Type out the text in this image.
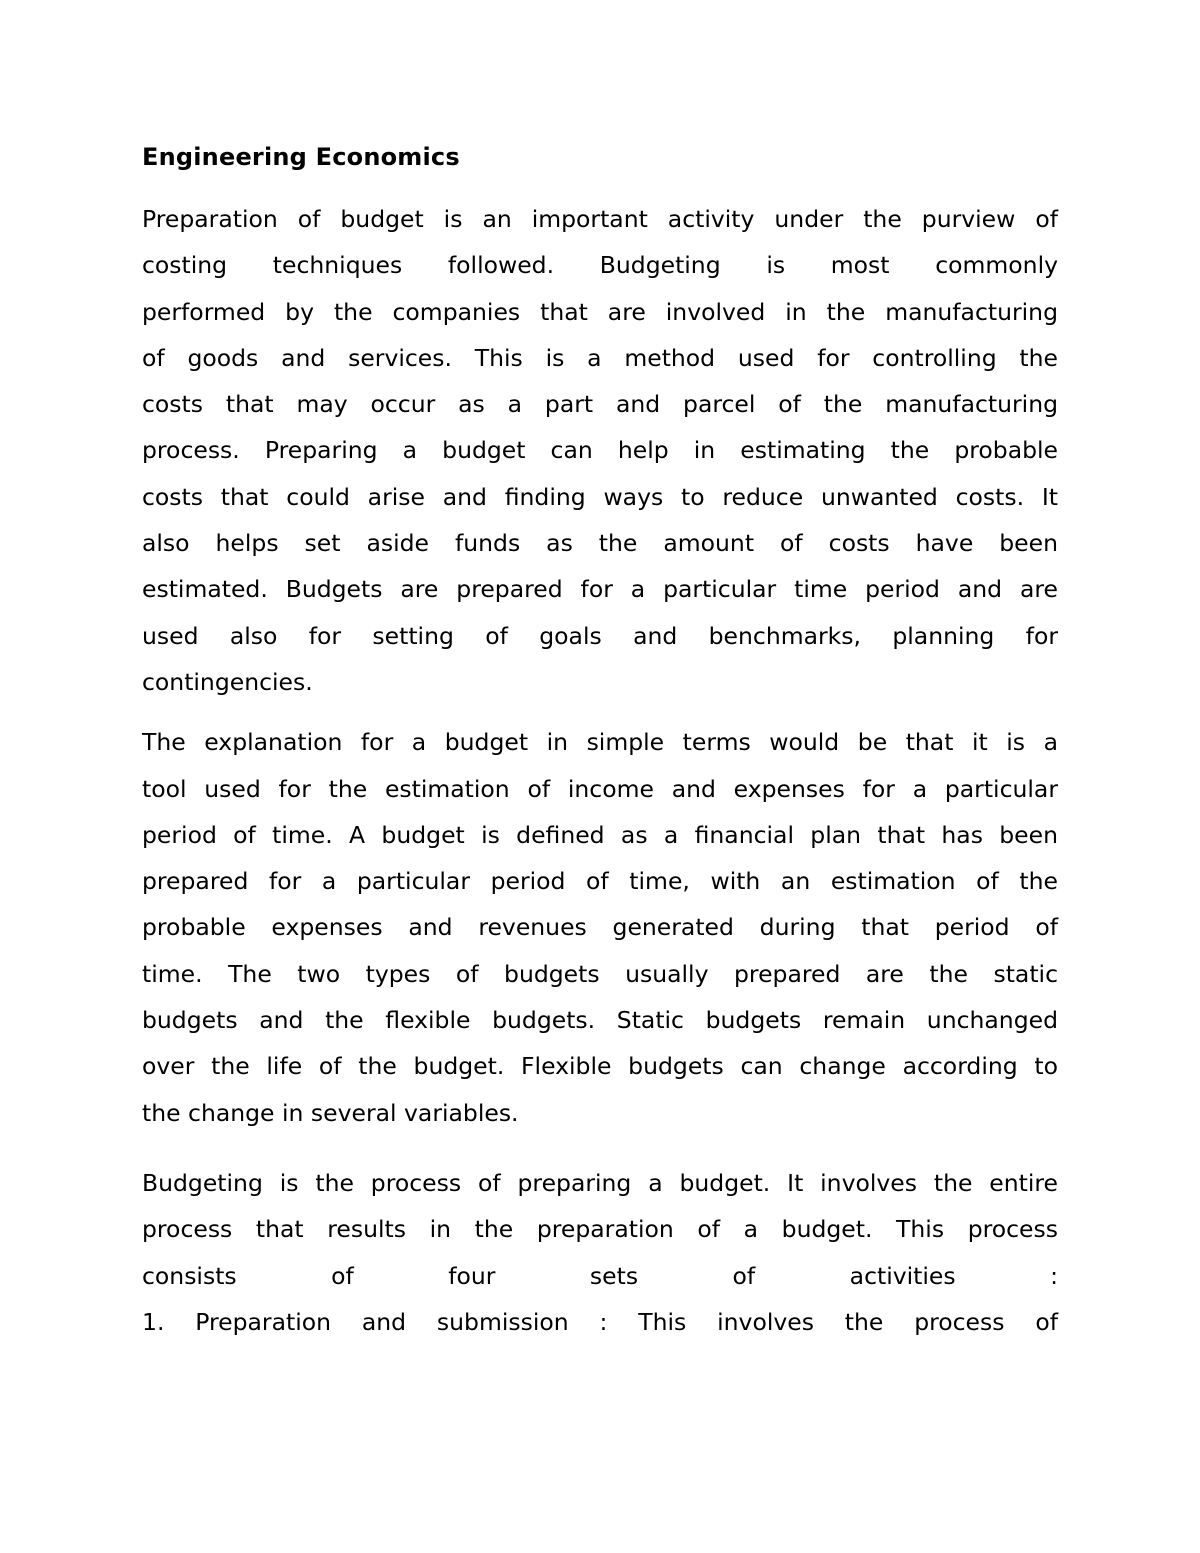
Engineering Economics

Preparation of budget is an important activity under the purview of
costing techniques followed. Budgeting is most commonly
performed by the companies that are involved in the manufacturing
of goods and services. This is a method used for controlling the
costs that may occur as a part and parcel of the manufacturing
process. Preparing a budget can help in estimating the probable
costs that could arise and finding ways to reduce unwanted costs. It
also helps set aside funds as the amount of costs have been
estimated. Budgets are prepared for a particular time period and are
used also for setting of goals and benchmarks, planning for
contingencies.

The explanation for a budget in simple terms would be that it is a
tool used for the estimation of income and expenses for a particular
period of time. A budget is defined as a financial plan that has been
prepared for a particular period of time, with an estimation of the
probable expenses and revenues generated during that period of
time. The two types of budgets usually prepared are the static
budgets and the flexible budgets. Static budgets remain unchanged
over the life of the budget. Flexible budgets can change according to
the change in several variables.

Budgeting is the process of preparing a budget. It involves the entire
process that results in the preparation of a budget. This process
consists of four sets of activities :
1. Preparation and submission : This involves the process of
